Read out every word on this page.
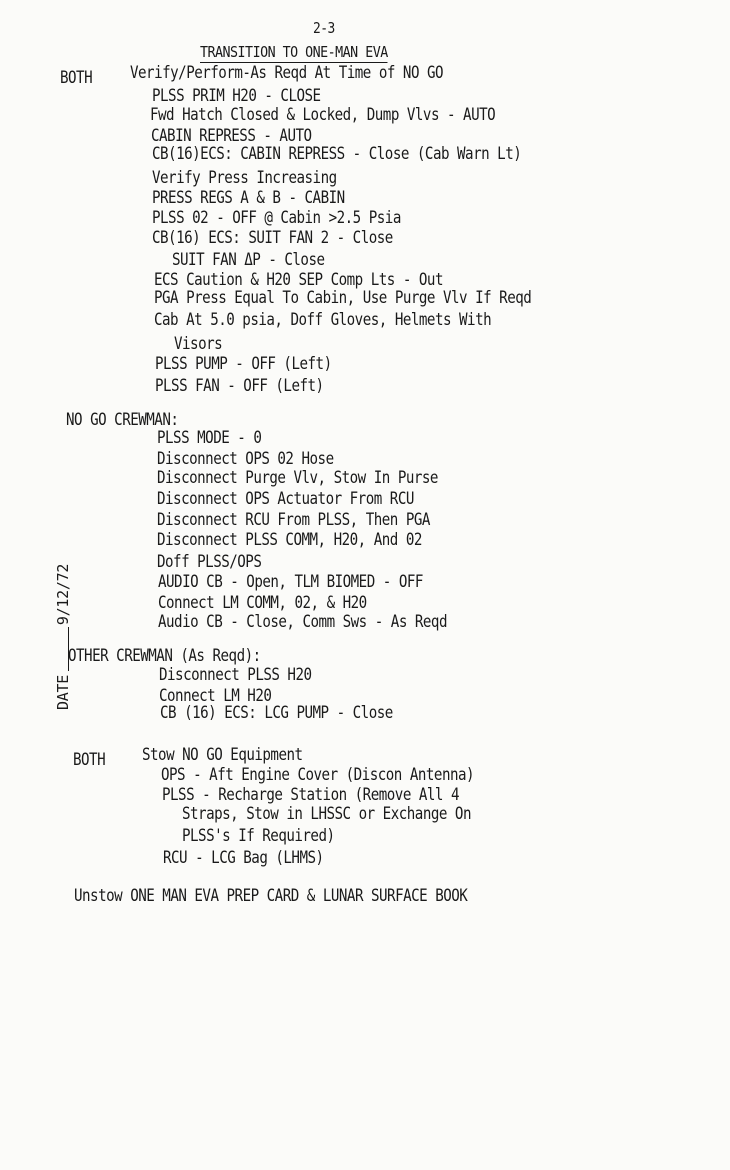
2-3
TRANSITION TO ONE-MAN EVA
BOTH Verify/Perform-As Reqd At Time of NO GO
PLSS PRIM H20 - CLOSE
Fwd Hatch Closed & Locked, Dump Vlvs - AUTO
CABIN REPRESS - AUTO
CB(16)ECS: CABIN REPRESS - Close (Cab Warn Lt)
Verify Press Increasing
PRESS REGS A & B - CABIN
PLSS 02 - OFF @ Cabin >2.5 Psia
CB(16) ECS: SUIT FAN 2 - Close
SUIT FAN ΔP - Close
ECS Caution & H20 SEP Comp Lts - Out
PGA Press Equal To Cabin, Use Purge Vlv If Reqd
Cab At 5.0 psia, Doff Gloves, Helmets With
Visors
PLSS PUMP - OFF (Left)
PLSS FAN - OFF (Left)
NO GO CREWMAN:
PLSS MODE - 0
Disconnect OPS 02 Hose
Disconnect Purge Vlv, Stow In Purse
Disconnect OPS Actuator From RCU
Disconnect RCU From PLSS, Then PGA
Disconnect PLSS COMM, H20, And 02
Doff PLSS/OPS
AUDIO CB - Open, TLM BIOMED - OFF
Connect LM COMM, 02, & H20
Audio CB - Close, Comm Sws - As Reqd
OTHER CREWMAN (As Reqd):
Disconnect PLSS H20
Connect LM H20
CB (16) ECS: LCG PUMP - Close
BOTH Stow NO GO Equipment
OPS - Aft Engine Cover (Discon Antenna)
PLSS - Recharge Station (Remove All 4
Straps, Stow in LHSSC or Exchange On
PLSS's If Required)
RCU - LCG Bag (LHMS)
Unstow ONE MAN EVA PREP CARD & LUNAR SURFACE BOOK
DATE
9/12/72
